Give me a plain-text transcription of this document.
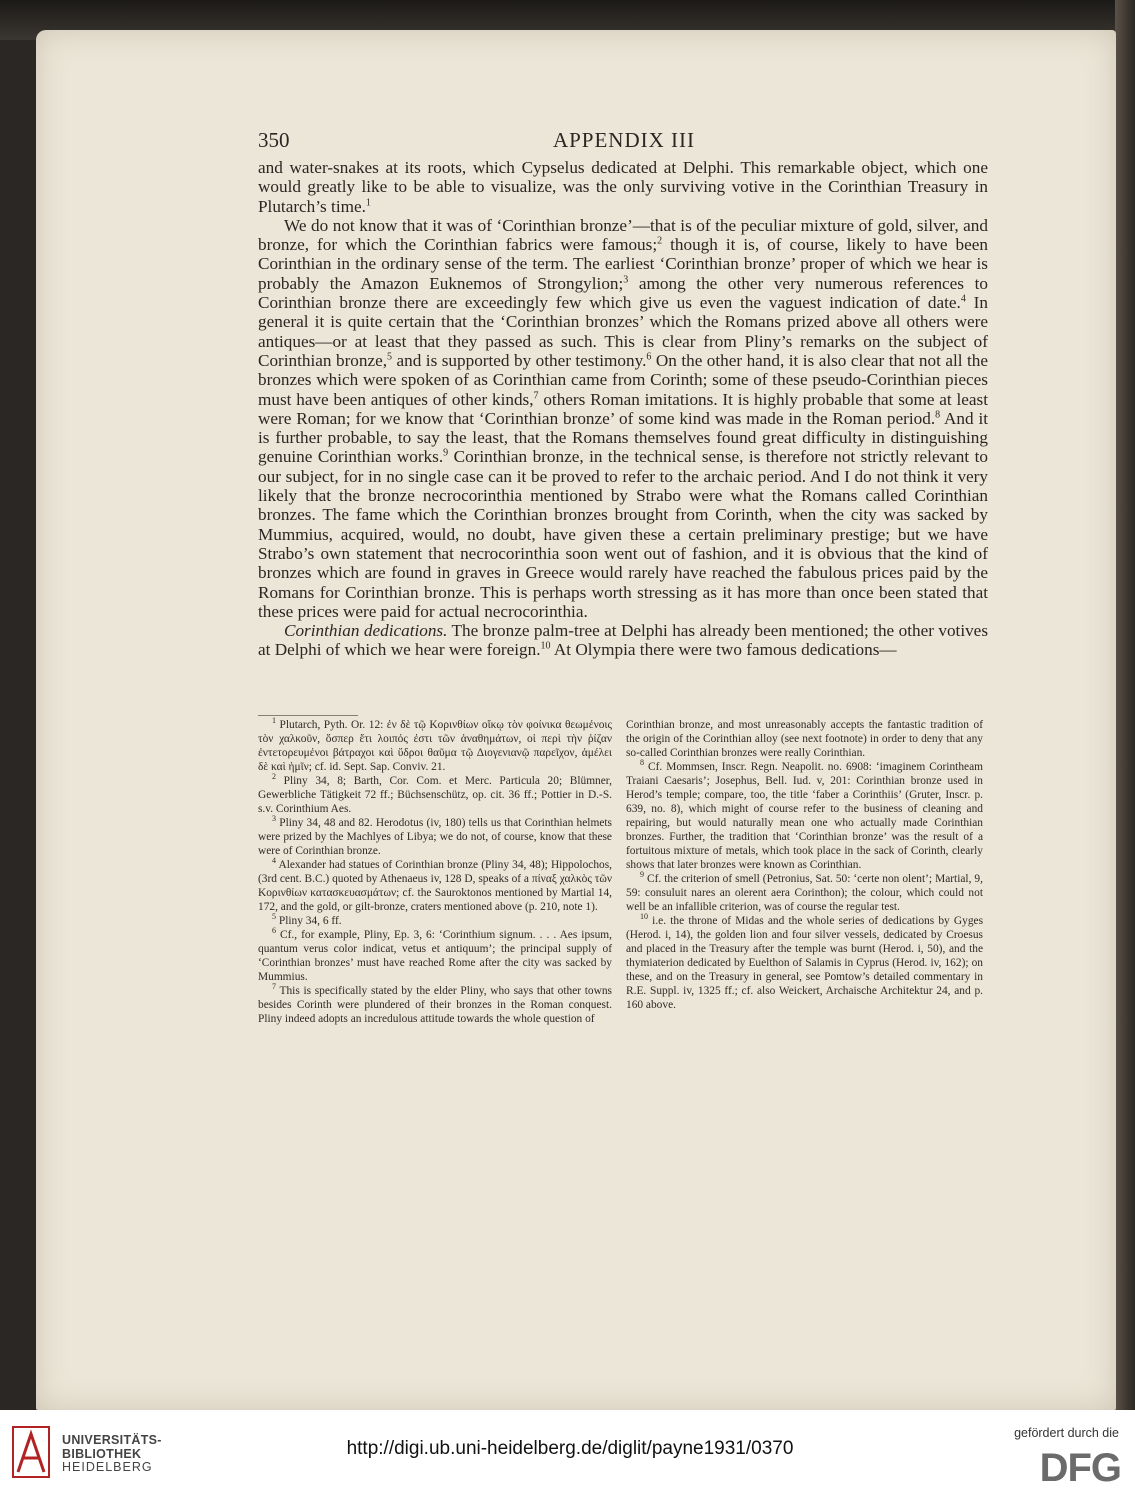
350	APPENDIX III

and water-snakes at its roots, which Cypselus dedicated at Delphi. This remarkable object, which one would greatly like to be able to visualize, was the only surviving votive in the Corinthian Treasury in Plutarch’s time.$^1$

We do not know that it was of ‘Corinthian bronze’—that is of the peculiar mixture of gold, silver, and bronze, for which the Corinthian fabrics were famous;$^2$ though it is, of course, likely to have been Corinthian in the ordinary sense of the term. The earliest ‘Corinthian bronze’ proper of which we hear is probably the Amazon Euknemos of Strongylion;$^3$ among the other very numerous references to Corinthian bronze there are exceedingly few which give us even the vaguest indication of date.$^4$ In general it is quite certain that the ‘Corinthian bronzes’ which the Romans prized above all others were antiques—or at least that they passed as such. This is clear from Pliny’s remarks on the subject of Corinthian bronze,$^5$ and is supported by other testimony.$^6$ On the other hand, it is also clear that not all the bronzes which were spoken of as Corinthian came from Corinth; some of these pseudo-Corinthian pieces must have been antiques of other kinds,$^7$ others Roman imitations. It is highly probable that some at least were Roman; for we know that ‘Corinthian bronze’ of some kind was made in the Roman period.$^8$ And it is further probable, to say the least, that the Romans themselves found great difficulty in distinguishing genuine Corinthian works.$^9$ Corinthian bronze, in the technical sense, is therefore not strictly relevant to our subject, for in no single case can it be proved to refer to the archaic period. And I do not think it very likely that the bronze necrocorinthia mentioned by Strabo were what the Romans called Corinthian bronzes. The fame which the Corinthian bronzes brought from Corinth, when the city was sacked by Mummius, acquired, would, no doubt, have given these a certain preliminary prestige; but we have Strabo’s own statement that necrocorinthia soon went out of fashion, and it is obvious that the kind of bronzes which are found in graves in Greece would rarely have reached the fabulous prices paid by the Romans for Corinthian bronze. This is perhaps worth stressing as it has more than once been stated that these prices were paid for actual necrocorinthia.

Corinthian dedications. The bronze palm-tree at Delphi has already been mentioned; the other votives at Delphi of which we hear were foreign.$^{10}$ At Olympia there were two famous dedications—

$^1$ Plutarch, Pyth. Or. 12: ἐν δὲ τῷ Κορινθίων οἴκῳ τὸν φοίνικα θεωμένοις τὸν χαλκοῦν, ὅσπερ ἔτι λοιπός ἐστι τῶν ἀναθημάτων, οἱ περὶ τὴν ῥίζαν ἐντετορευμένοι βάτραχοι καὶ ὕδροι θαῦμα τῷ Διογενιανῷ παρεῖχον, ἀμέλει δὲ καὶ ἡμῖν; cf. id. Sept. Sap. Conviv. 21.

$^2$ Pliny 34, 8; Barth, Cor. Com. et Merc. Particula 20; Blümner, Gewerbliche Tätigkeit 72 ff.; Büchsenschütz, op. cit. 36 ff.; Pottier in D.-S. s.v. Corinthium Aes.

$^3$ Pliny 34, 48 and 82. Herodotus (iv, 180) tells us that Corinthian helmets were prized by the Machlyes of Libya; we do not, of course, know that these were of Corinthian bronze.

$^4$ Alexander had statues of Corinthian bronze (Pliny 34, 48); Hippolochos, (3rd cent. B.C.) quoted by Athenaeus iv, 128 D, speaks of a πίναξ χαλκὸς τῶν Κορινθίων κατασκευασμάτων; cf. the Sauroktonos mentioned by Martial 14, 172, and the gold, or gilt-bronze, craters mentioned above (p. 210, note 1).

$^5$ Pliny 34, 6 ff.

$^6$ Cf., for example, Pliny, Ep. 3, 6: ‘Corinthium signum. . . . Aes ipsum, quantum verus color indicat, vetus et antiquum’; the principal supply of ‘Corinthian bronzes’ must have reached Rome after the city was sacked by Mummius.

$^7$ This is specifically stated by the elder Pliny, who says that other towns besides Corinth were plundered of their bronzes in the Roman conquest. Pliny indeed adopts an incredulous attitude towards the whole question of

Corinthian bronze, and most unreasonably accepts the fantastic tradition of the origin of the Corinthian alloy (see next footnote) in order to deny that any so-called Corinthian bronzes were really Corinthian.

$^8$ Cf. Mommsen, Inscr. Regn. Neapolit. no. 6908: ‘imaginem Corintheam Traiani Caesaris’; Josephus, Bell. Iud. v, 201: Corinthian bronze used in Herod’s temple; compare, too, the title ‘faber a Corinthiis’ (Gruter, Inscr. p. 639, no. 8), which might of course refer to the business of cleaning and repairing, but would naturally mean one who actually made Corinthian bronzes. Further, the tradition that ‘Corinthian bronze’ was the result of a fortuitous mixture of metals, which took place in the sack of Corinth, clearly shows that later bronzes were known as Corinthian.

$^9$ Cf. the criterion of smell (Petronius, Sat. 50: ‘certe non olent’; Martial, 9, 59: consuluit nares an olerent aera Corinthon); the colour, which could not well be an infallible criterion, was of course the regular test.

$^{10}$ i.e. the throne of Midas and the whole series of dedications by Gyges (Herod. i, 14), the golden lion and four silver vessels, dedicated by Croesus and placed in the Treasury after the temple was burnt (Herod. i, 50), and the thymiaterion dedicated by Euelthon of Salamis in Cyprus (Herod. iv, 162); on these, and on the Treasury in general, see Pomtow’s detailed commentary in R.E. Suppl. iv, 1325 ff.; cf. also Weickert, Archaische Architektur 24, and p. 160 above.

UNIVERSITÄTS-
BIBLIOTHEK
HEIDELBERG
http://digi.ub.uni-heidelberg.de/diglit/payne1931/0370
gefördert durch die
DFG
